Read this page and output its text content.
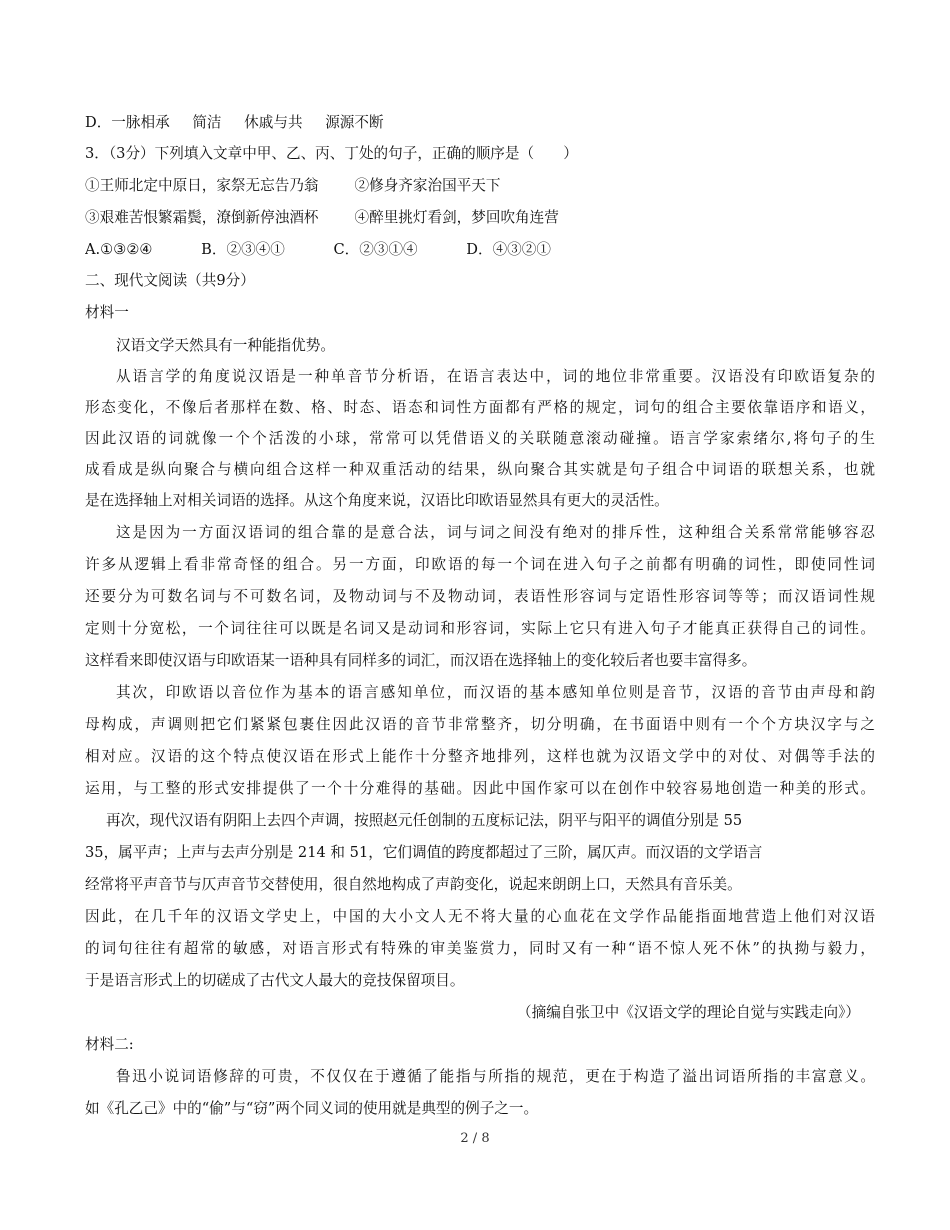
D．一脉相承 简洁 休戚与共 源源不断

3．（3分）下列填入文章中甲、乙、丙、丁处的句子，正确的顺序是（　　）

①王师北定中原日，家祭无忘告乃翁 ②修身齐家治国平天下

③艰难苦恨繁霜鬓，潦倒新停浊酒杯 ④醉里挑灯看剑，梦回吹角连营

A.①③②④	B．②③④①	C．②③①④	D．④③②①

二、现代文阅读（共9分）

材料一

汉语文学天然具有一种能指优势。

从语言学的角度说汉语是一种单音节分析语，在语言表达中，词的地位非常重要。汉语没有印欧语复杂的

形态变化，不像后者那样在数、格、时态、语态和词性方面都有严格的规定，词句的组合主要依靠语序和语义，

因此汉语的词就像一个个活泼的小球，常常可以凭借语义的关联随意滚动碰撞。语言学家索绪尔,将句子的生

成看成是纵向聚合与横向组合这样一种双重活动的结果，纵向聚合其实就是句子组合中词语的联想关系，也就

是在选择轴上对相关词语的选择。从这个角度来说，汉语比印欧语显然具有更大的灵活性。

这是因为一方面汉语词的组合靠的是意合法，词与词之间没有绝对的排斥性，这种组合关系常常能够容忍

许多从逻辑上看非常奇怪的组合。另一方面，印欧语的每一个词在进入句子之前都有明确的词性，即使同性词

还要分为可数名词与不可数名词，及物动词与不及物动词，表语性形容词与定语性形容词等等；而汉语词性规

定则十分宽松，一个词往往可以既是名词又是动词和形容词，实际上它只有进入句子才能真正获得自己的词性。

这样看来即使汉语与印欧语某一语种具有同样多的词汇，而汉语在选择轴上的变化较后者也要丰富得多。

其次，印欧语以音位作为基本的语言感知单位，而汉语的基本感知单位则是音节，汉语的音节由声母和韵

母构成，声调则把它们紧紧包裹住因此汉语的音节非常整齐，切分明确，在书面语中则有一个个方块汉字与之

相对应。汉语的这个特点使汉语在形式上能作十分整齐地排列，这样也就为汉语文学中的对仗、对偶等手法的

运用，与工整的形式安排提供了一个十分难得的基础。因此中国作家可以在创作中较容易地创造一种美的形式。

再次，现代汉语有阴阳上去四个声调，按照赵元任创制的五度标记法，阴平与阳平的调值分别是 55

35，属平声；上声与去声分别是 214 和 51，它们调值的跨度都超过了三阶，属仄声。而汉语的文学语言

经常将平声音节与仄声音节交替使用，很自然地构成了声韵变化，说起来朗朗上口，天然具有音乐美。

因此，在几千年的汉语文学史上，中国的大小文人无不将大量的心血花在文学作品能指面地营造上他们对汉语

的词句往往有超常的敏感，对语言形式有特殊的审美鉴赏力，同时又有一种“语不惊人死不休”的执拗与毅力，

于是语言形式上的切磋成了古代文人最大的竞技保留项目。

（摘编自张卫中《汉语文学的理论自觉与实践走向》）

材料二:

鲁迅小说词语修辞的可贵，不仅仅在于遵循了能指与所指的规范，更在于构造了溢出词语所指的丰富意义。

如《孔乙己》中的“偷”与“窃”两个同义词的使用就是典型的例子之一。

2 / 8
